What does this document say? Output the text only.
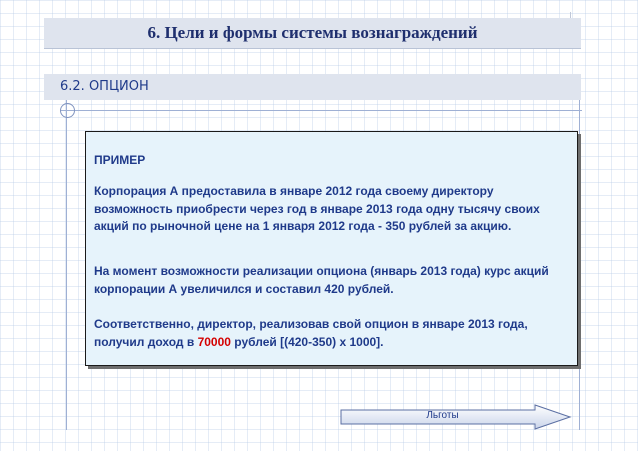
6. Цели и формы системы вознаграждений
6.2. ОПЦИОН

ПРИМЕР

Корпорация А предоставила в январе 2012 года своему директору возможность приобрести через год в январе 2013 года одну тысячу своих акций по рыночной цене на 1 января 2012 года - 350 рублей за акцию.

На момент возможности реализации опциона (январь 2013 года) курс акций корпорации А увеличился и составил 420 рублей.

Соответственно, директор, реализовав свой опцион в январе 2013 года, получил доход в 70000 рублей [(420-350) х 1000].

Льготы
